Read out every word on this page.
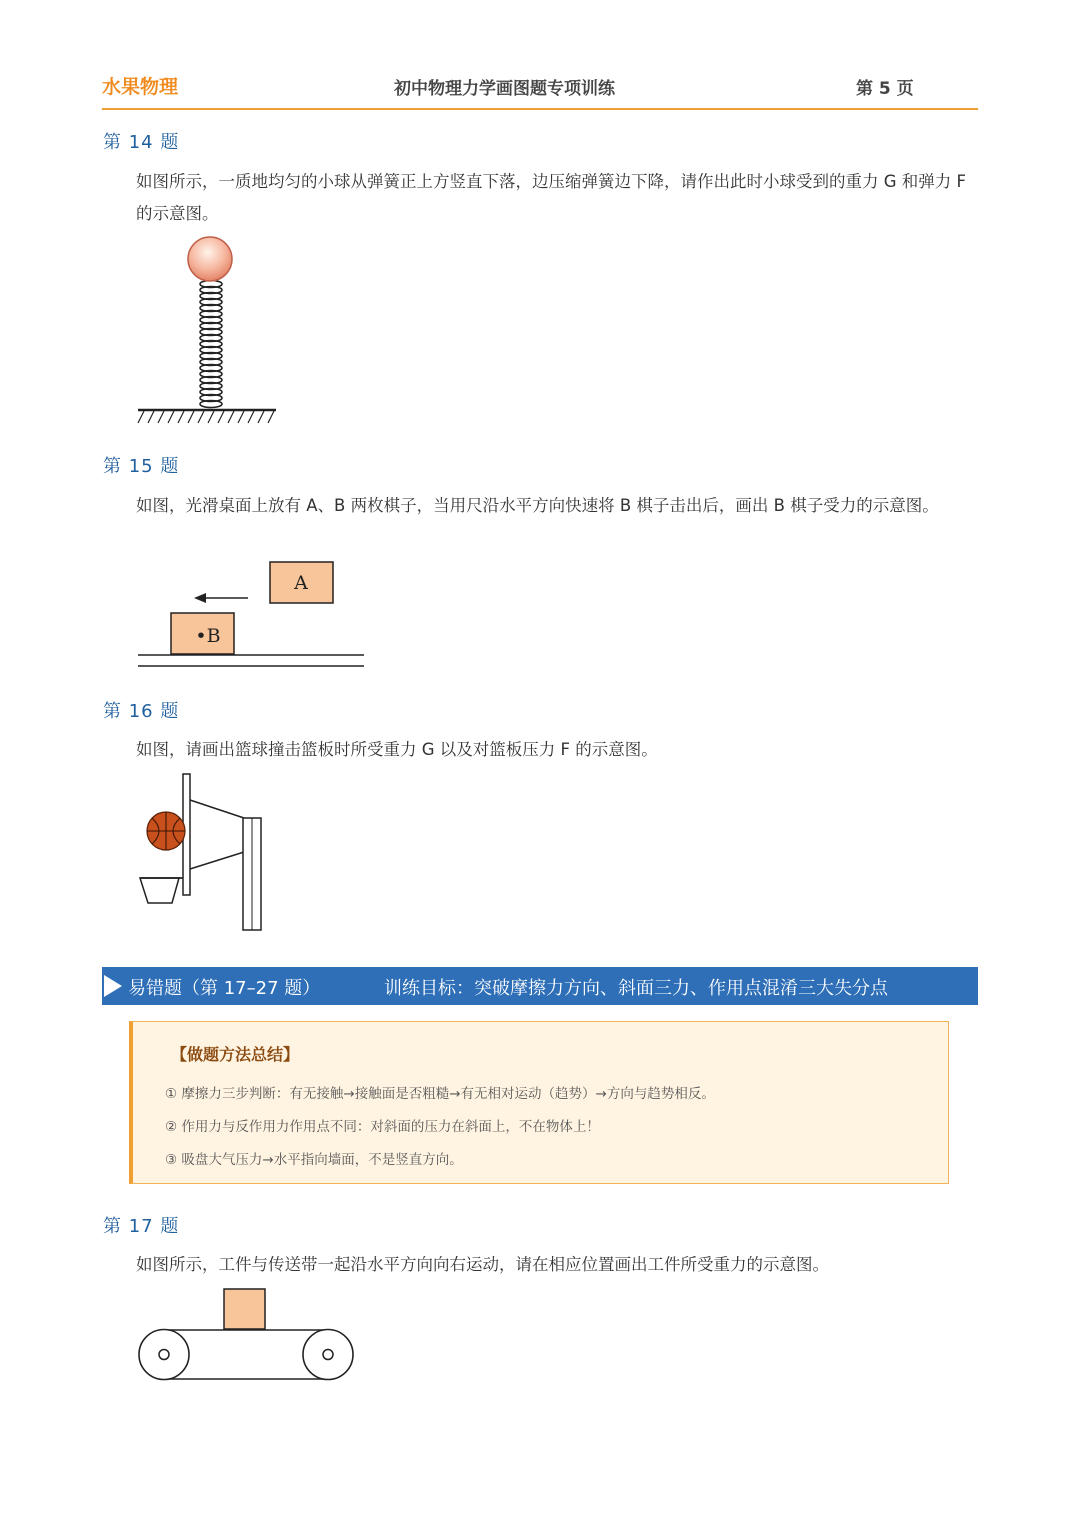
水果物理	初中物理力学画图题专项训练	第 5 页
第 14 题
如图所示，一质地均匀的小球从弹簧正上方竖直下落，边压缩弹簧边下降，请作出此时小球受到的重力 G 和弹力 F 的示意图。
第 15 题
如图，光滑桌面上放有 A、B 两枚棋子，当用尺沿水平方向快速将 B 棋子击出后，画出 B 棋子受力的示意图。
A
•B
第 16 题
如图，请画出篮球撞击篮板时所受重力 G 以及对篮板压力 F 的示意图。
易错题（第 17–27 题）	训练目标：突破摩擦力方向、斜面三力、作用点混淆三大失分点
【做题方法总结】
① 摩擦力三步判断：有无接触→接触面是否粗糙→有无相对运动（趋势）→方向与趋势相反。
② 作用力与反作用力作用点不同：对斜面的压力在斜面上，不在物体上！
③ 吸盘大气压力→水平指向墙面，不是竖直方向。
第 17 题
如图所示，工件与传送带一起沿水平方向向右运动，请在相应位置画出工件所受重力的示意图。
